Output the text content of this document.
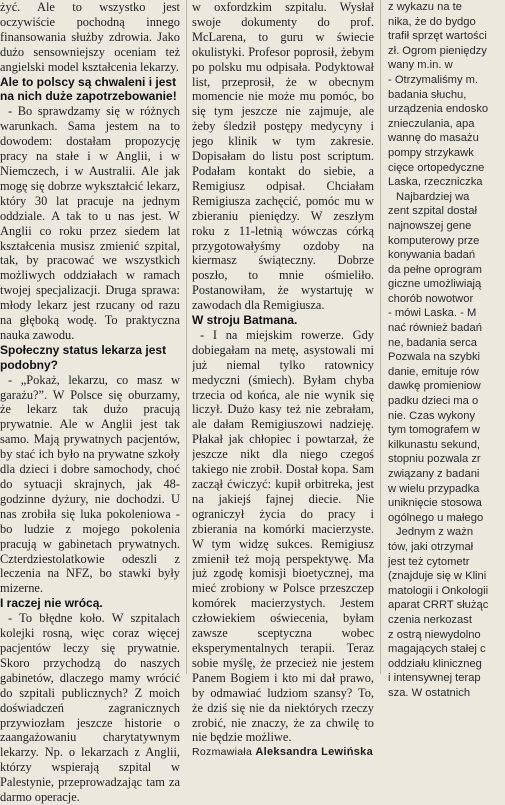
żyć. Ale to wszystko jest oczywiście pochodną innego finansowania służby zdrowia. Jako dużo sensowniejszy oceniam też angielski model kształcenia lekarzy.

Ale to polscy są chwaleni i jest na nich duże zapotrzebowanie!

- Bo sprawdzamy się w różnych warunkach. Sama jestem na to dowodem: dostałam propozycję pracy na stałe i w Anglii, i w Niemczech, i w Australii. Ale jak mogę się dobrze wykształcić lekarz, który 30 lat pracuje na jednym oddziale. A tak to u nas jest. W Anglii co roku przez siedem lat kształcenia musisz zmienić szpital, tak, by pracować we wszystkich możliwych oddziałach w ramach twojej specjalizacji. Druga sprawa: młody lekarz jest rzucany od razu na głęboką wodę. To praktyczna nauka zawodu.

Społeczny status lekarza jest podobny?

- „Pokaż, lekarzu, co masz w garażu?”. W Polsce się oburzamy, że lekarz tak dużo pracują prywatnie. Ale w Anglii jest tak samo. Mają prywatnych pacjentów, by stać ich było na prywatne szkoły dla dzieci i dobre samochody, choć do sytuacji skrajnych, jak 48-godzinne dyżury, nie dochodzi. U nas zrobiła się luka pokoleniowa - bo ludzie z mojego pokolenia pracują w gabinetach prywatnych. Czterdziestolatkowie odeszli z leczenia na NFZ, bo stawki były mizerne.

I raczej nie wrócą.

- To błędne koło. W szpitalach kolejki rosną, więc coraz więcej pacjentów leczy się prywatnie. Skoro przychodzą do naszych gabinetów, dlaczego mamy wrócić do szpitali publicznych? Z moich doświadczeń zagranicznych przywiozłam jeszcze historie o zaangażowaniu charytatywnym lekarzy. Np. o lekarzach z Anglii, którzy wspierają szpital w Palestynie, przeprowadzając tam za darmo operacje.

w oxfordzkim szpitalu. Wysłał swoje dokumenty do prof. McLarena, to guru w świecie okulistyki. Profesor poprosił, żebym po polsku mu odpisała. Podyktował list, przeprosił, że w obecnym momencie nie może mu pomóc, bo się tym jeszcze nie zajmuje, ale żeby śledził postępy medycyny i jego klinik w tym zakresie. Dopisałam do listu post scriptum. Podałam kontakt do siebie, a Remigiusz odpisał. Chciałam Remigiusza zachęcić, pomóc mu w zbieraniu pieniędzy. W zeszłym roku z 11-letnią wówczas córką przygotowałyśmy ozdoby na kiermasz świąteczny. Dobrze poszło, to mnie ośmieliło. Postanowiłam, że wystartuję w zawodach dla Remigiusza.

W stroju Batmana.

- I na miejskim rowerze. Gdy dobiegałam na metę, asystowali mi już niemal tylko ratownicy medyczni (śmiech). Byłam chyba trzecia od końca, ale nie wynik się liczył. Dużo kasy też nie zebrałam, ale dałam Remigiuszowi nadzieję. Płakał jak chłopiec i powtarzał, że jeszcze nikt dla niego czegoś takiego nie zrobił. Dostał kopa. Sam zaczął ćwiczyć: kupił orbitreka, jest na jakiejś fajnej diecie. Nie ograniczył życia do pracy i zbierania na komórki macierzyste. W tym widzę sukces. Remigiusz zmienił też moją perspektywę. Ma już zgodę komisji bioetycznej, ma mieć zrobiony w Polsce przeszczep komórek macierzystych. Jestem człowiekiem oświecenia, byłam zawsze sceptyczna wobec eksperymentalnych terapii. Teraz sobie myślę, że przecież nie jestem Panem Bogiem i kto mi dał prawo, by odmawiać ludziom szansy? To, że dziś się nie da niektórych rzeczy zrobić, nie znaczy, że za chwilę to nie będzie możliwe.

Rozmawiała Aleksandra Lewińska

z wykazu na te

nika, że do bydgo

trafił sprzęt wartości

zł. Ogrom pieniędzy

wany m.in. w

- Otrzymaliśmy m.

badania słuchu,

urządzenia endosko

znieczulania, apa

wannę do masażu

pompy strzykawk

cięce ortopedyczne

Laska, rzeczniczka

Najbardziej wa

zent szpital dostał

najnowszej gene

komputerowy prze

konywania badań

da pełne oprogram

giczne umożliwiają

chorób nowotwor

- mówi Laska. - M

nać również badań

ne, badania serca

Pozwala na szybki

danie, emituje rów

dawkę promieniow

padku dzieci ma o

nie. Czas wykony

tym tomografem w

kilkunastu sekund,

stopniu pozwala zr

związany z badani

w wielu przypadka

uniknięcie stosowa

ogólnego u małego

Jednym z ważn

tów, jaki otrzymał

jest też cytometr

(znajduje się w Klini

matologii i Onkologii

aparat CRRT służąc

czenia nerkozast

z ostrą niewydolno

magających stałej c

oddziału kliniczneg

i intensywnej terap

sza. W ostatnich
